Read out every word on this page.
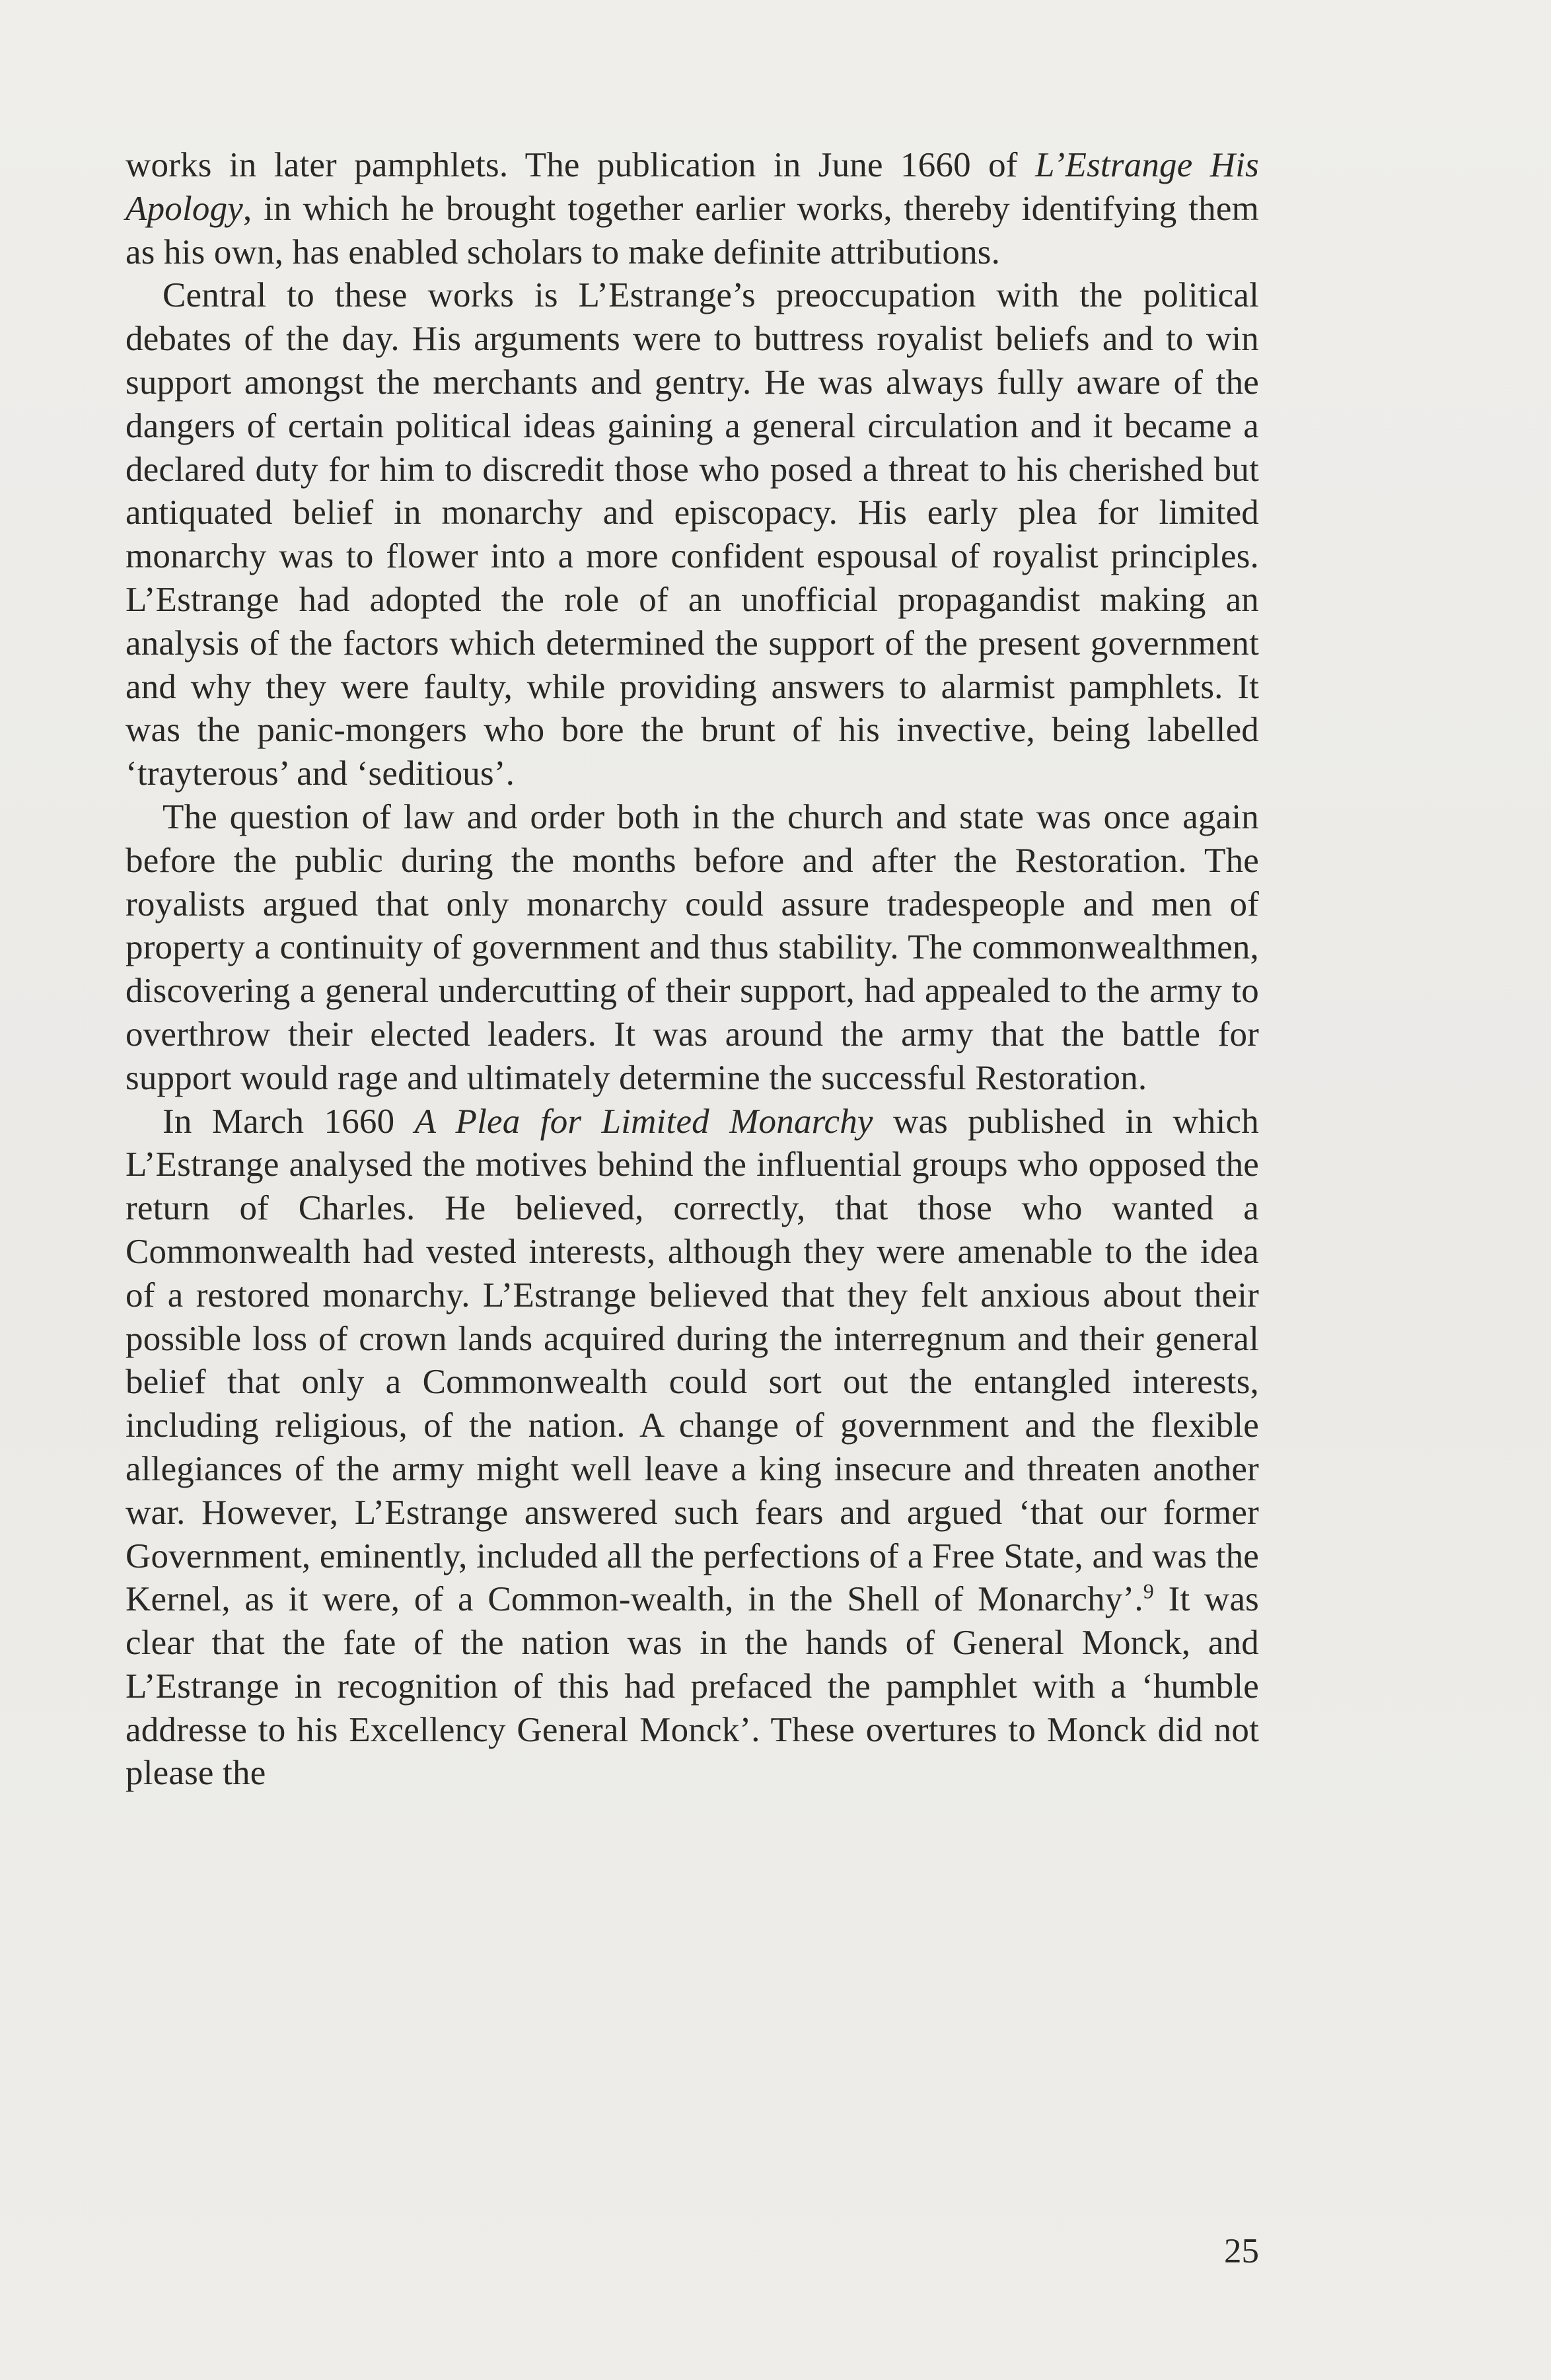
works in later pamphlets. The publication in June 1660 of L’Estrange His Apology, in which he brought together earlier works, thereby identifying them as his own, has enabled scholars to make definite attributions.

Central to these works is L’Estrange’s preoccupation with the political debates of the day. His arguments were to buttress royalist beliefs and to win support amongst the merchants and gentry. He was always fully aware of the dangers of certain political ideas gaining a general circulation and it became a declared duty for him to discredit those who posed a threat to his cherished but antiquated belief in monarchy and episcopacy. His early plea for limited monarchy was to flower into a more confident espousal of royalist principles. L’Estrange had adopted the role of an unofficial propagandist making an analysis of the factors which determined the support of the present government and why they were faulty, while providing answers to alarmist pamphlets. It was the panic-mongers who bore the brunt of his invective, being labelled ‘trayterous’ and ‘seditious’.

The question of law and order both in the church and state was once again before the public during the months before and after the Restoration. The royalists argued that only monarchy could assure tradespeople and men of property a continuity of government and thus stability. The commonwealthmen, discovering a general undercutting of their support, had appealed to the army to overthrow their elected leaders. It was around the army that the battle for support would rage and ultimately determine the successful Restoration.

In March 1660 A Plea for Limited Monarchy was published in which L’Estrange analysed the motives behind the influential groups who opposed the return of Charles. He believed, correctly, that those who wanted a Commonwealth had vested interests, although they were amenable to the idea of a restored monarchy. L’Estrange believed that they felt anxious about their possible loss of crown lands acquired during the interregnum and their general belief that only a Commonwealth could sort out the entangled interests, including religious, of the nation. A change of government and the flexible allegiances of the army might well leave a king insecure and threaten another war. However, L’Estrange answered such fears and argued ‘that our former Government, eminently, included all the perfections of a Free State, and was the Kernel, as it were, of a Common-wealth, in the Shell of Monarchy’.$^9$ It was clear that the fate of the nation was in the hands of General Monck, and L’Estrange in recognition of this had prefaced the pamphlet with a ‘humble addresse to his Excellency General Monck’. These overtures to Monck did not please the

25
